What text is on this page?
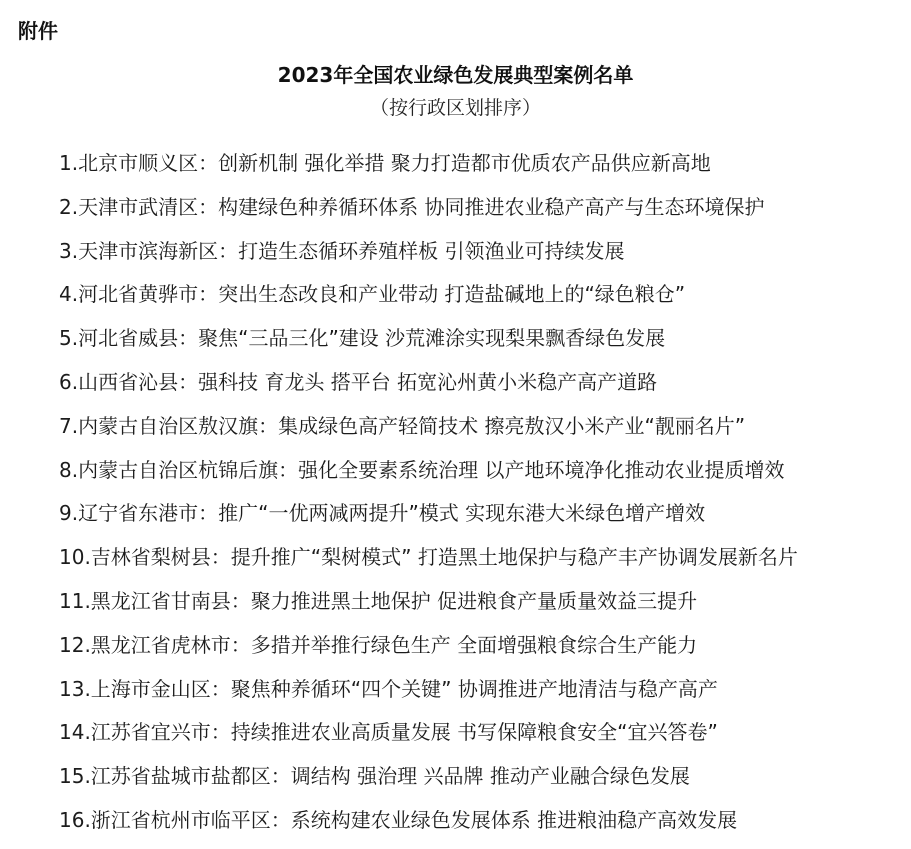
附件
2023年全国农业绿色发展典型案例名单
（按行政区划排序）
1.北京市顺义区：创新机制 强化举措 聚力打造都市优质农产品供应新高地
2.天津市武清区：构建绿色种养循环体系 协同推进农业稳产高产与生态环境保护
3.天津市滨海新区：打造生态循环养殖样板 引领渔业可持续发展
4.河北省黄骅市：突出生态改良和产业带动 打造盐碱地上的“绿色粮仓”
5.河北省威县：聚焦“三品三化”建设 沙荒滩涂实现梨果飘香绿色发展
6.山西省沁县：强科技 育龙头 搭平台 拓宽沁州黄小米稳产高产道路
7.内蒙古自治区敖汉旗：集成绿色高产轻简技术 擦亮敖汉小米产业“靓丽名片”
8.内蒙古自治区杭锦后旗：强化全要素系统治理 以产地环境净化推动农业提质增效
9.辽宁省东港市：推广“一优两减两提升”模式 实现东港大米绿色增产增效
10.吉林省梨树县：提升推广“梨树模式” 打造黑土地保护与稳产丰产协调发展新名片
11.黑龙江省甘南县：聚力推进黑土地保护 促进粮食产量质量效益三提升
12.黑龙江省虎林市：多措并举推行绿色生产 全面增强粮食综合生产能力
13.上海市金山区：聚焦种养循环“四个关键” 协调推进产地清洁与稳产高产
14.江苏省宜兴市：持续推进农业高质量发展 书写保障粮食安全“宜兴答卷”
15.江苏省盐城市盐都区：调结构 强治理 兴品牌 推动产业融合绿色发展
16.浙江省杭州市临平区：系统构建农业绿色发展体系 推进粮油稳产高效发展
